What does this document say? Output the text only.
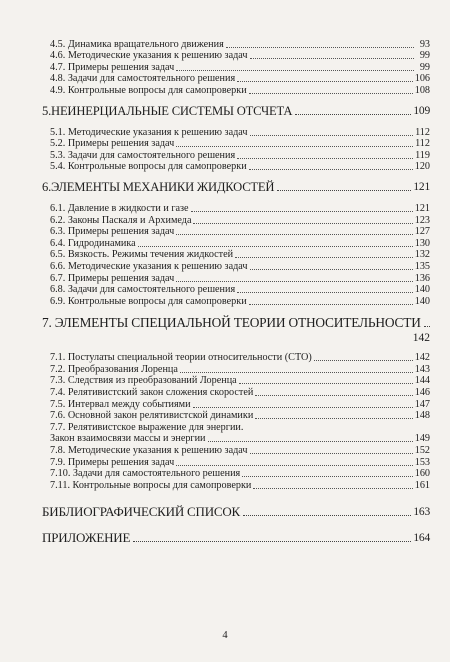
4.5. Динамика вращательного движения	93
4.6. Методические указания к решению задач	99
4.7. Примеры решения задач	99
4.8. Задачи для самостоятельного решения	106
4.9. Контрольные вопросы для самопроверки	108
5.НЕИНЕРЦИАЛЬНЫЕ СИСТЕМЫ ОТСЧЕТА	109
5.1. Методические указания к решению задач	112
5.2. Примеры решения задач	112
5.3. Задачи для самостоятельного решения	119
5.4. Контрольные вопросы для самопроверки	120
6.ЭЛЕМЕНТЫ МЕХАНИКИ ЖИДКОСТЕЙ	121
6.1. Давление в жидкости и газе	121
6.2. Законы Паскаля и Архимеда	123
6.3. Примеры решения задач	127
6.4. Гидродинамика	130
6.5. Вязкость. Режимы течения жидкостей	132
6.6. Методические указания к решению задач	135
6.7. Примеры решения задач	136
6.8. Задачи для самостоятельного решения	140
6.9. Контрольные вопросы для самопроверки	140
7. ЭЛЕМЕНТЫ СПЕЦИАЛЬНОЙ ТЕОРИИ ОТНОСИТЕЛЬНОСТИ
142
7.1. Постулаты специальной теории относительности (СТО)	142
7.2. Преобразования Лоренца	143
7.3. Следствия из преобразований Лоренца	144
7.4. Релятивистский закон сложения скоростей	146
7.5. Интервал между событиями	147
7.6. Основной закон релятивистской динамики	148
7.7. Релятивистское выражение для энергии.
Закон взаимосвязи массы и энергии	149
7.8. Методические указания к решению задач	152
7.9. Примеры решения задач	153
7.10. Задачи для самостоятельного решения	160
7.11. Контрольные вопросы для самопроверки	161
БИБЛИОГРАФИЧЕСКИЙ СПИСОК	163
ПРИЛОЖЕНИЕ	164
4
